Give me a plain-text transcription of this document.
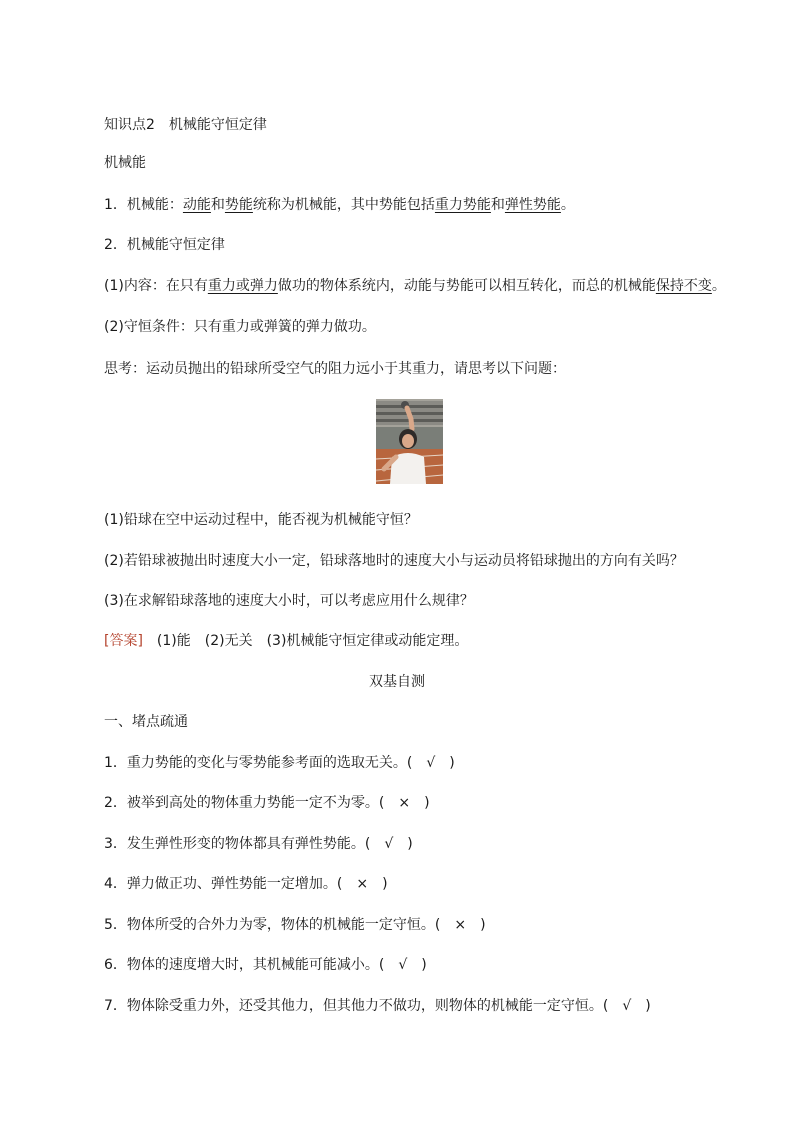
知识点2　机械能守恒定律
机械能
1．机械能：动能和势能统称为机械能，其中势能包括重力势能和弹性势能。
2．机械能守恒定律
(1)内容：在只有重力或弹力做功的物体系统内，动能与势能可以相互转化，而总的机械能保持不变。
(2)守恒条件：只有重力或弹簧的弹力做功。
思考：运动员抛出的铅球所受空气的阻力远小于其重力，请思考以下问题：
(1)铅球在空中运动过程中，能否视为机械能守恒？
(2)若铅球被抛出时速度大小一定，铅球落地时的速度大小与运动员将铅球抛出的方向有关吗？
(3)在求解铅球落地的速度大小时，可以考虑应用什么规律？
[答案]　(1)能　(2)无关　(3)机械能守恒定律或动能定理。
双基自测
一、堵点疏通
1．重力势能的变化与零势能参考面的选取无关。(　√　)
2．被举到高处的物体重力势能一定不为零。(　×　)
3．发生弹性形变的物体都具有弹性势能。(　√　)
4．弹力做正功、弹性势能一定增加。(　×　)
5．物体所受的合外力为零，物体的机械能一定守恒。(　×　)
6．物体的速度增大时，其机械能可能减小。(　√　)
7．物体除受重力外，还受其他力，但其他力不做功，则物体的机械能一定守恒。(　√　)
